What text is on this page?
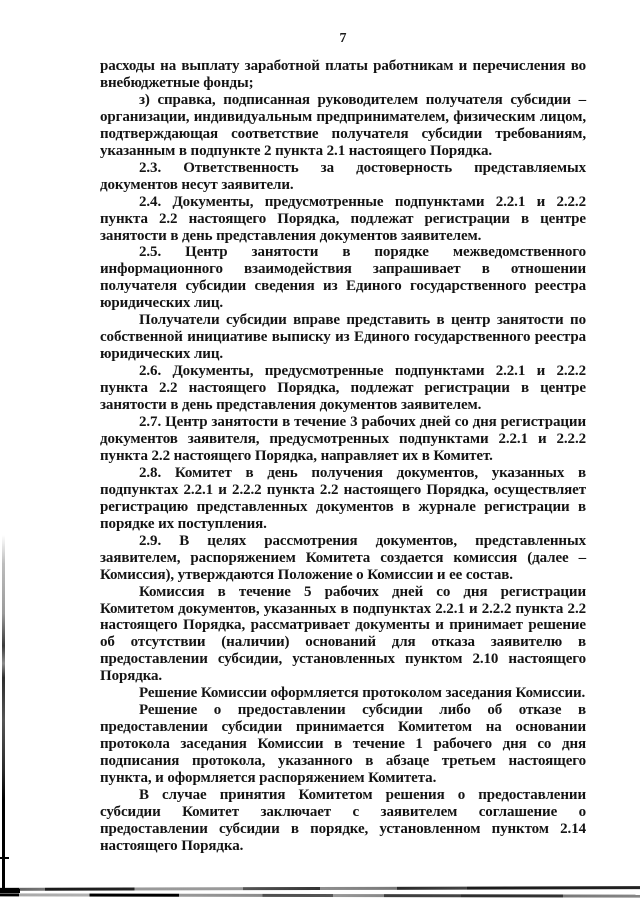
7

расходы на выплату заработной платы работникам и перечисления во внебюджетные фонды;

з) справка, подписанная руководителем получателя субсидии – организации, индивидуальным предпринимателем, физическим лицом, подтверждающая соответствие получателя субсидии требованиям, указанным в подпункте 2 пункта 2.1 настоящего Порядка.

2.3. Ответственность за достоверность представляемых документов несут заявители.

2.4. Документы, предусмотренные подпунктами 2.2.1 и 2.2.2 пункта 2.2 настоящего Порядка, подлежат регистрации в центре занятости в день представления документов заявителем.

2.5. Центр занятости в порядке межведомственного информационного взаимодействия запрашивает в отношении получателя субсидии сведения из Единого государственного реестра юридических лиц.

Получатели субсидии вправе представить в центр занятости по собственной инициативе выписку из Единого государственного реестра юридических лиц.

2.6. Документы, предусмотренные подпунктами 2.2.1 и 2.2.2 пункта 2.2 настоящего Порядка, подлежат регистрации в центре занятости в день представления документов заявителем.

2.7. Центр занятости в течение 3 рабочих дней со дня регистрации документов заявителя, предусмотренных подпунктами 2.2.1 и 2.2.2 пункта 2.2 настоящего Порядка, направляет их в Комитет.

2.8. Комитет в день получения документов, указанных в подпунктах 2.2.1 и 2.2.2 пункта 2.2 настоящего Порядка, осуществляет регистрацию представленных документов в журнале регистрации в порядке их поступления.

2.9. В целях рассмотрения документов, представленных заявителем, распоряжением Комитета создается комиссия (далее – Комиссия), утверждаются Положение о Комиссии и ее состав.

Комиссия в течение 5 рабочих дней со дня регистрации Комитетом документов, указанных в подпунктах 2.2.1 и 2.2.2 пункта 2.2 настоящего Порядка, рассматривает документы и принимает решение об отсутствии (наличии) оснований для отказа заявителю в предоставлении субсидии, установленных пунктом 2.10 настоящего Порядка.

Решение Комиссии оформляется протоколом заседания Комиссии.

Решение о предоставлении субсидии либо об отказе в предоставлении субсидии принимается Комитетом на основании протокола заседания Комиссии в течение 1 рабочего дня со дня подписания протокола, указанного в абзаце третьем настоящего пункта, и оформляется распоряжением Комитета.

В случае принятия Комитетом решения о предоставлении субсидии Комитет заключает с заявителем соглашение о предоставлении субсидии в порядке, установленном пунктом 2.14 настоящего Порядка.
